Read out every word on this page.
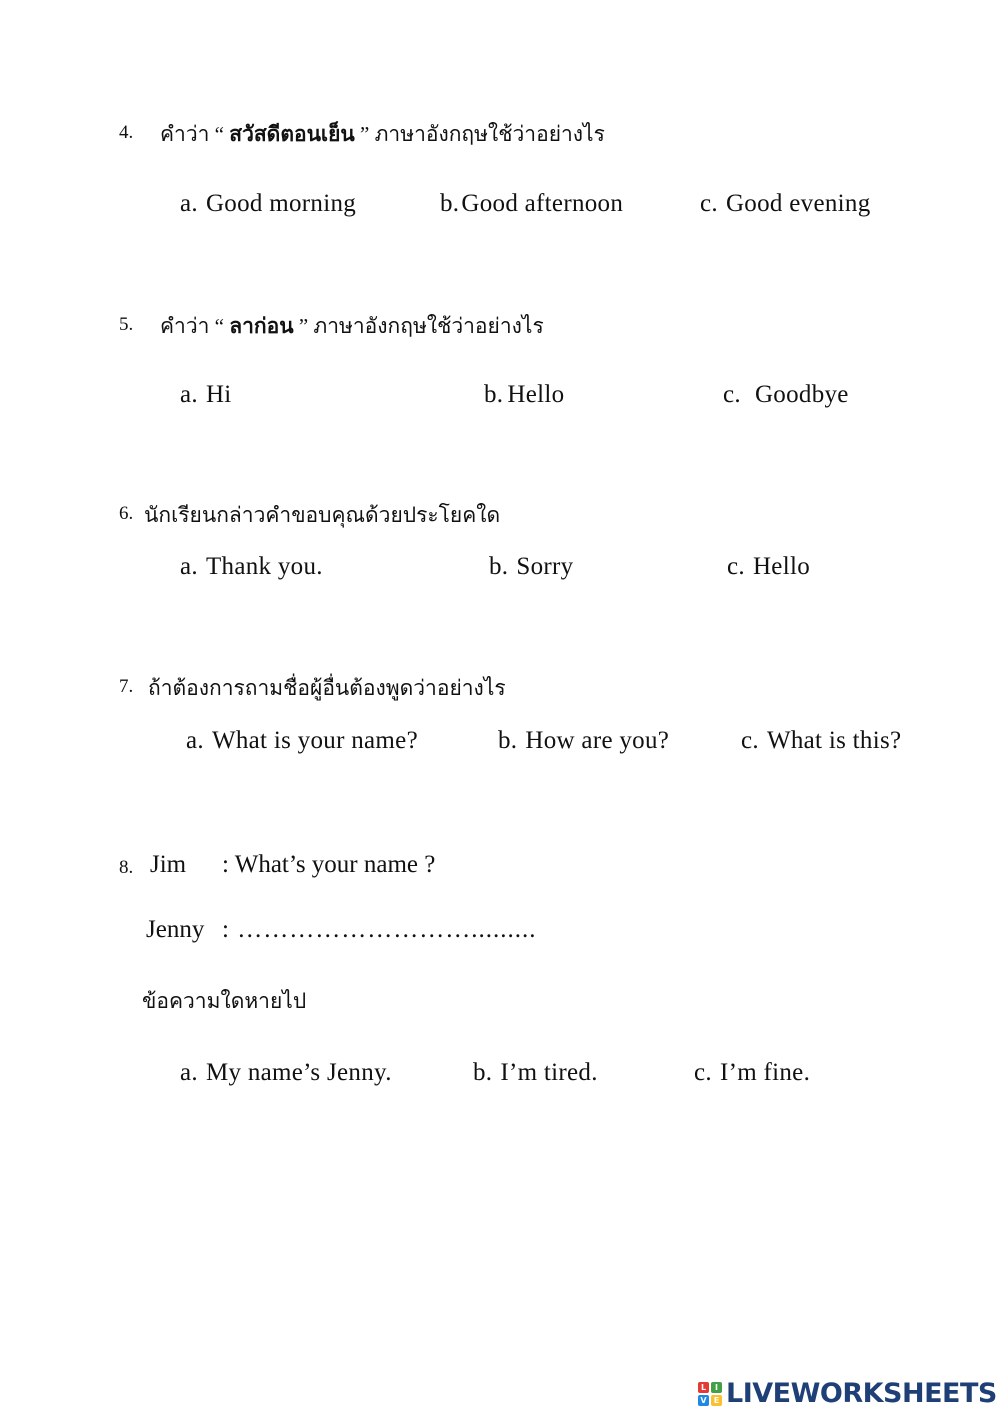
4. คำว่า “ สวัสดีตอนเย็น ” ภาษาอังกฤษใช้ว่าอย่างไร
a. Good morning	b.Good afternoon	c. Good evening
5. คำว่า “ ลาก่อน ” ภาษาอังกฤษใช้ว่าอย่างไร
a. Hi	b. Hello	c. Goodbye
6. นักเรียนกล่าวคำขอบคุณด้วยประโยคใด
a. Thank you.	b. Sorry	c. Hello
7. ถ้าต้องการถามชื่อผู้อื่นต้องพูดว่าอย่างไร
a. What is your name?	b. How are you?	c. What is this?
8. Jim : What’s your name ?
Jenny : ……………………….........
ข้อความใดหายไป
a. My name’s Jenny.	b. I’m tired.	c. I’m fine.
L	I
V E LIVEWORKSHEETS
